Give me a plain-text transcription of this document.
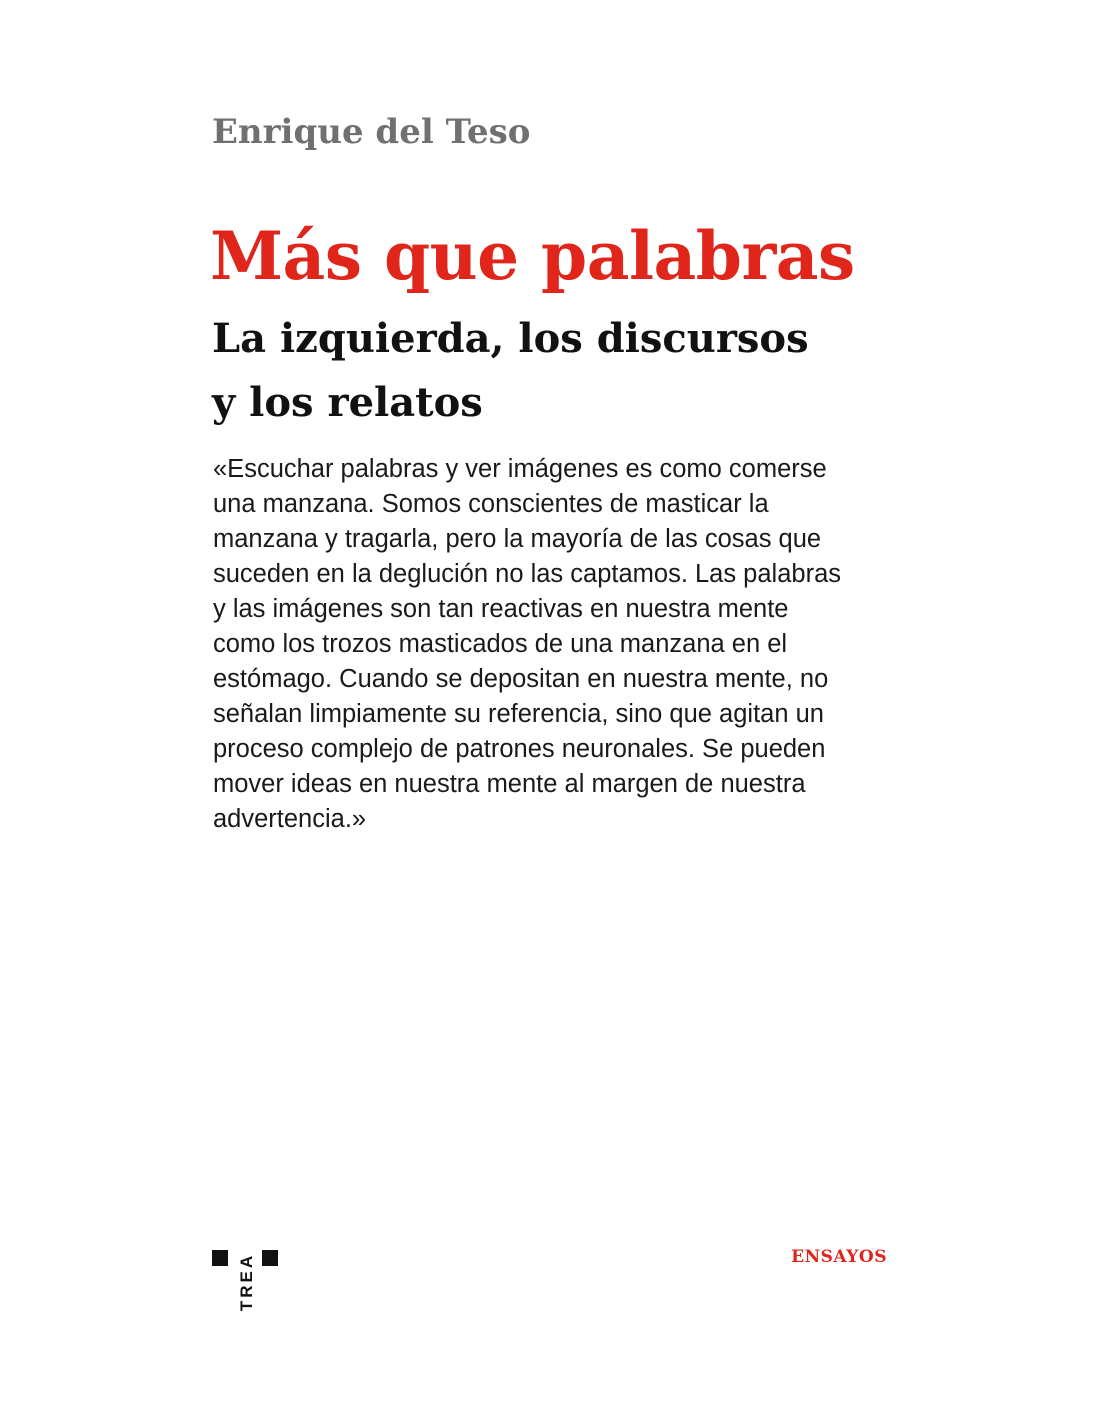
Enrique del Teso
Más que palabras
La izquierda, los discursos
y los relatos
«Escuchar palabras y ver imágenes es como comerse
una manzana. Somos conscientes de masticar la
manzana y tragarla, pero la mayoría de las cosas que
suceden en la deglución no las captamos. Las palabras
y las imágenes son tan reactivas en nuestra mente
como los trozos masticados de una manzana en el
estómago. Cuando se depositan en nuestra mente, no
señalan limpiamente su referencia, sino que agitan un
proceso complejo de patrones neuronales. Se pueden
mover ideas en nuestra mente al margen de nuestra
advertencia.»
TREA	ENSAYOS
